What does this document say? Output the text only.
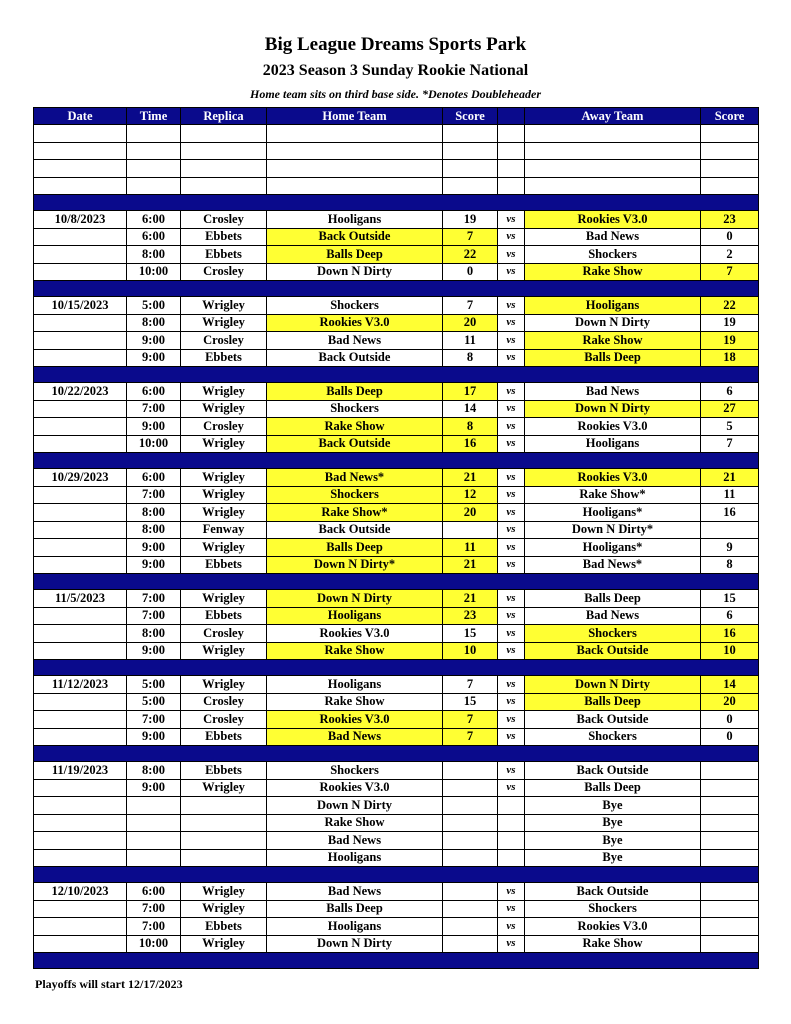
Big League Dreams Sports Park
2023 Season 3 Sunday Rookie National
Home team sits on third base side. *Denotes Doubleheader
Date	Time	Replica	Home Team	Score		Away Team	Score

10/8/2023	6:00	Crosley	Hooligans	19	vs	Rookies V3.0	23
	6:00	Ebbets	Back Outside	7	vs	Bad News	0
	8:00	Ebbets	Balls Deep	22	vs	Shockers	2
	10:00	Crosley	Down N Dirty	0	vs	Rake Show	7

10/15/2023	5:00	Wrigley	Shockers	7	vs	Hooligans	22
	8:00	Wrigley	Rookies V3.0	20	vs	Down N Dirty	19
	9:00	Crosley	Bad News	11	vs	Rake Show	19
	9:00	Ebbets	Back Outside	8	vs	Balls Deep	18

10/22/2023	6:00	Wrigley	Balls Deep	17	vs	Bad News	6
	7:00	Wrigley	Shockers	14	vs	Down N Dirty	27
	9:00	Crosley	Rake Show	8	vs	Rookies V3.0	5
	10:00	Wrigley	Back Outside	16	vs	Hooligans	7

10/29/2023	6:00	Wrigley	Bad News*	21	vs	Rookies V3.0	21
	7:00	Wrigley	Shockers	12	vs	Rake Show*	11
	8:00	Wrigley	Rake Show*	20	vs	Hooligans*	16
	8:00	Fenway	Back Outside		vs	Down N Dirty*	
	9:00	Wrigley	Balls Deep	11	vs	Hooligans*	9
	9:00	Ebbets	Down N Dirty*	21	vs	Bad News*	8

11/5/2023	7:00	Wrigley	Down N Dirty	21	vs	Balls Deep	15
	7:00	Ebbets	Hooligans	23	vs	Bad News	6
	8:00	Crosley	Rookies V3.0	15	vs	Shockers	16
	9:00	Wrigley	Rake Show	10	vs	Back Outside	10

11/12/2023	5:00	Wrigley	Hooligans	7	vs	Down N Dirty	14
	5:00	Crosley	Rake Show	15	vs	Balls Deep	20
	7:00	Crosley	Rookies V3.0	7	vs	Back Outside	0
	9:00	Ebbets	Bad News	7	vs	Shockers	0

11/19/2023	8:00	Ebbets	Shockers		vs	Back Outside	
	9:00	Wrigley	Rookies V3.0		vs	Balls Deep	
			Down N Dirty			Bye	
			Rake Show			Bye	
			Bad News			Bye	
			Hooligans			Bye	

12/10/2023	6:00	Wrigley	Bad News		vs	Back Outside	
	7:00	Wrigley	Balls Deep		vs	Shockers	
	7:00	Ebbets	Hooligans		vs	Rookies V3.0	
	10:00	Wrigley	Down N Dirty		vs	Rake Show	

Playoffs will start 12/17/2023
